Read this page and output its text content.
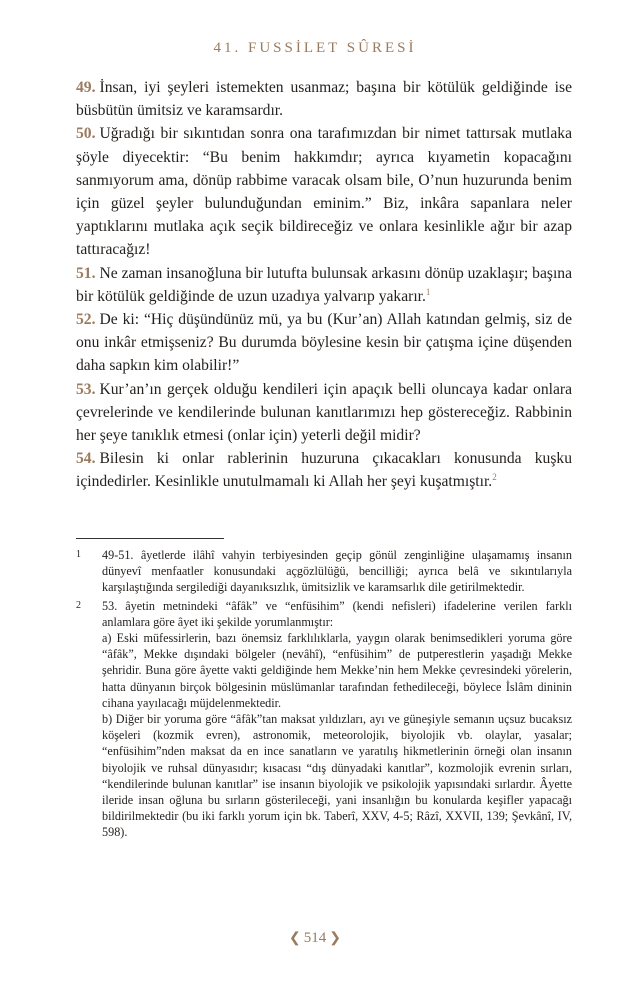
41. FUSSİLET SÛRESİ

49. İnsan, iyi şeyleri istemekten usanmaz; başına bir kötülük geldiğinde ise büsbütün ümitsiz ve karamsardır.

50. Uğradığı bir sıkıntıdan sonra ona tarafımızdan bir nimet tattırsak mutlaka şöyle diyecektir: “Bu benim hakkımdır; ayrıca kıyametin kopacağını sanmıyorum ama, dönüp rabbime varacak olsam bile, O’nun huzurunda benim için güzel şeyler bulunduğundan eminim.” Biz, inkâra sapanlara neler yaptıklarını mutlaka açık seçik bildireceğiz ve onlara kesinlikle ağır bir azap tattıracağız!

51. Ne zaman insanoğluna bir lutufta bulunsak arkasını dönüp uzaklaşır; başına bir kötülük geldiğinde de uzun uzadıya yalvarıp yakarır.$^1$

52. De ki: “Hiç düşündünüz mü, ya bu (Kur’an) Allah katından gelmiş, siz de onu inkâr etmişseniz? Bu durumda böylesine kesin bir çatışma içine düşenden daha sapkın kim olabilir!”

53. Kur’an’ın gerçek olduğu kendileri için apaçık belli oluncaya kadar onlara çevrelerinde ve kendilerinde bulunan kanıtlarımızı hep göstereceğiz. Rabbinin her şeye tanıklık etmesi (onlar için) yeterli değil midir?

54. Bilesin ki onlar rablerinin huzuruna çıkacakları konusunda kuşku içindedirler. Kesinlikle unutulmamalı ki Allah her şeyi kuşatmıştır.$^2$

1	49-51. âyetlerde ilâhî vahyin terbiyesinden geçip gönül zenginliğine ulaşamamış insanın dünyevî menfaatler konusundaki açgözlülüğü, bencilliği; ayrıca belâ ve sıkıntılarıyla karşılaştığında sergilediği dayanıksızlık, ümitsizlik ve karamsarlık dile getirilmektedir.

2	53. âyetin metnindeki “âfâk” ve “enfüsihim” (kendi nefisleri) ifadelerine verilen farklı anlamlara göre âyet iki şekilde yorumlanmıştır:

a) Eski müfessirlerin, bazı önemsiz farklılıklarla, yaygın olarak benimsedikleri yoruma göre “âfâk”, Mekke dışındaki bölgeler (nevâhî), “enfüsihim” de putperestlerin yaşadığı Mekke şehridir. Buna göre âyette vakti geldiğinde hem Mekke’nin hem Mekke çevresindeki yörelerin, hatta dünyanın birçok bölgesinin müslümanlar tarafından fethedileceği, böylece İslâm dininin cihana yayılacağı müjdelenmektedir.

b) Diğer bir yoruma göre “âfâk”tan maksat yıldızları, ayı ve güneşiyle semanın uçsuz bucaksız köşeleri (kozmik evren), astronomik, meteorolojik, biyolojik vb. olaylar, yasalar; “enfüsihim”nden maksat da en ince sanatların ve yaratılış hikmetlerinin örneği olan insanın biyolojik ve ruhsal dünyasıdır; kısacası “dış dünyadaki kanıtlar”, kozmolojik evrenin sırları, “kendilerinde bulunan kanıtlar” ise insanın biyolojik ve psikolojik yapısındaki sırlardır. Âyette ileride insan oğluna bu sırların gösterileceği, yani insanlığın bu konularda keşifler yapacağı bildirilmektedir (bu iki farklı yorum için bk. Taberî, XXV, 4-5; Râzî, XXVII, 139; Şevkânî, IV, 598).

❮ 514 ❯
